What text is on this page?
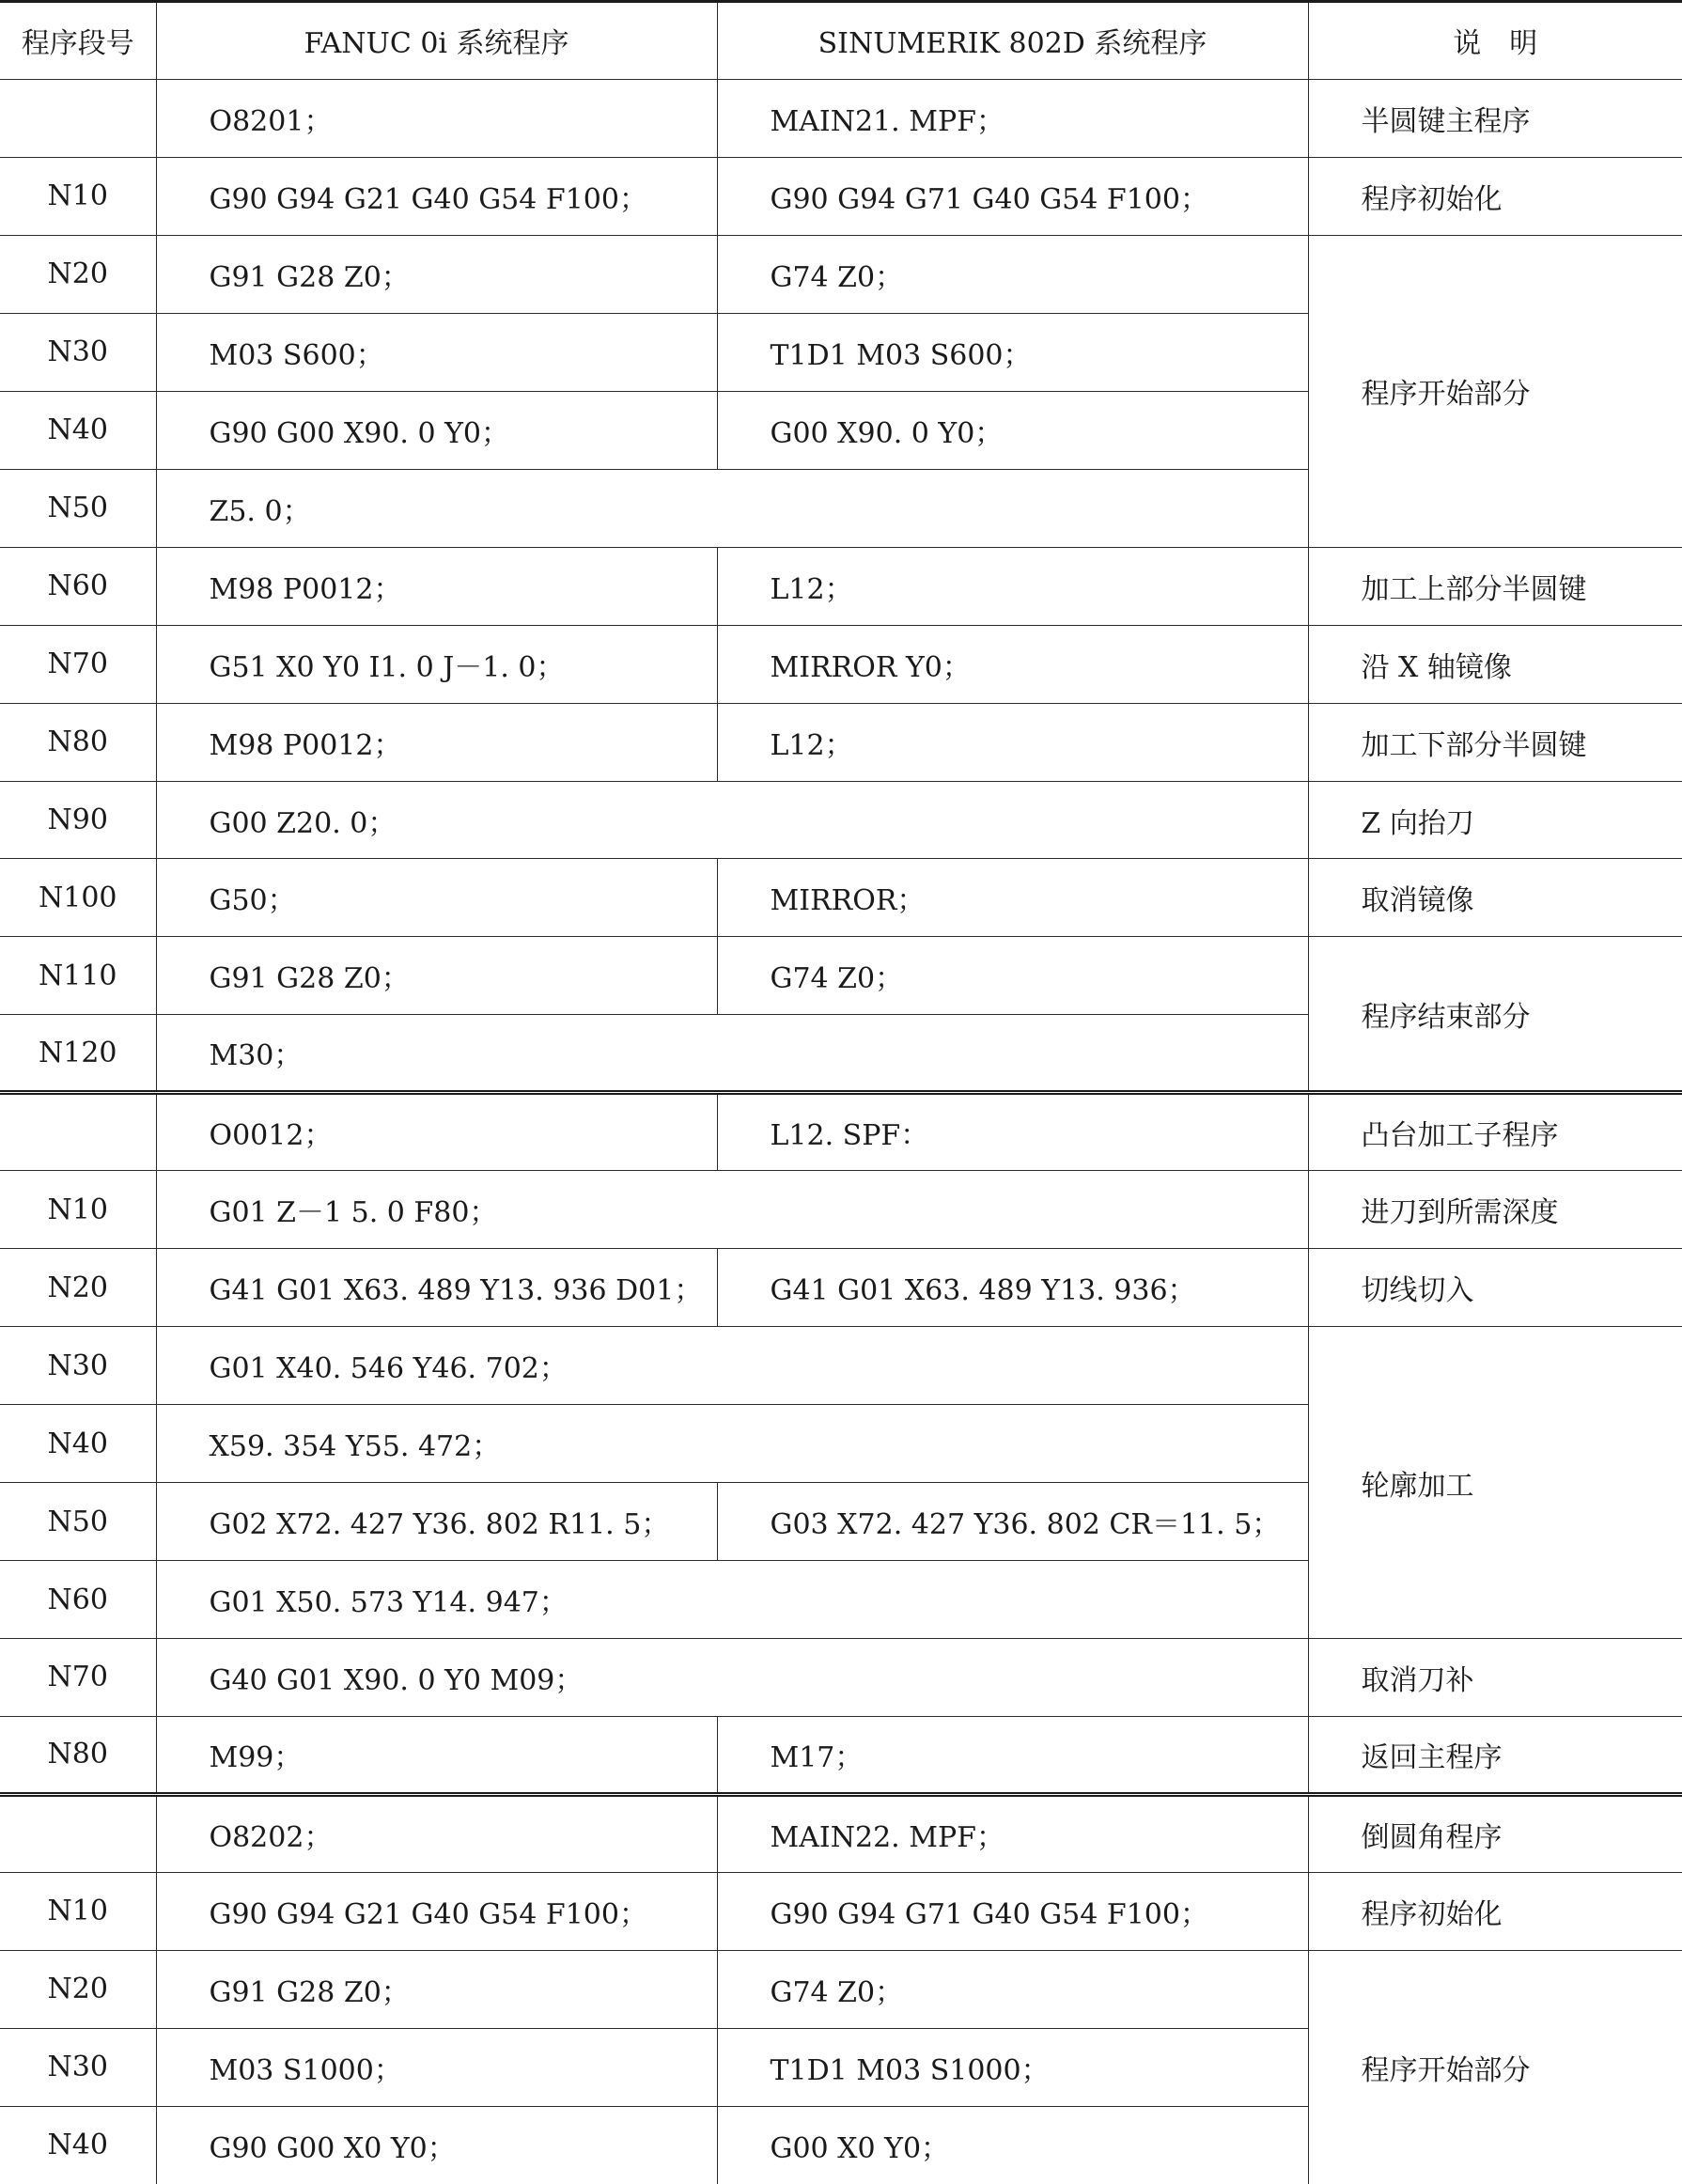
程序段号	FANUC 0i 系统程序	SINUMERIK 802D 系统程序	说　明
	O8201；	MAIN21. MPF；	半圆键主程序
N10	G90 G94 G21 G40 G54 F100；	G90 G94 G71 G40 G54 F100；	程序初始化
N20	G91 G28 Z0；	G74 Z0；	程序开始部分
N30	M03 S600；	T1D1 M03 S600；	
N40	G90 G00 X90. 0 Y0；	G00 X90. 0 Y0；	
N50	Z5. 0；		
N60	M98 P0012；	L12；	加工上部分半圆键
N70	G51 X0 Y0 I1. 0 J－1. 0；	MIRROR Y0；	沿 X 轴镜像
N80	M98 P0012；	L12；	加工下部分半圆键
N90	G00 Z20. 0；		Z 向抬刀
N100	G50；	MIRROR；	取消镜像
N110	G91 G28 Z0；	G74 Z0；	程序结束部分
N120	M30；		
	O0012；	L12. SPF：	凸台加工子程序
N10	G01 Z－1 5. 0 F80；		进刀到所需深度
N20	G41 G01 X63. 489 Y13. 936 D01；	G41 G01 X63. 489 Y13. 936；	切线切入
N30	G01 X40. 546 Y46. 702；		轮廓加工
N40	X59. 354 Y55. 472；		
N50	G02 X72. 427 Y36. 802 R11. 5；	G03 X72. 427 Y36. 802 CR＝11. 5；	
N60	G01 X50. 573 Y14. 947；		
N70	G40 G01 X90. 0 Y0 M09；		取消刀补
N80	M99；	M17；	返回主程序
	O8202；	MAIN22. MPF；	倒圆角程序
N10	G90 G94 G21 G40 G54 F100；	G90 G94 G71 G40 G54 F100；	程序初始化
N20	G91 G28 Z0；	G74 Z0；	程序开始部分
N30	M03 S1000；	T1D1 M03 S1000；	
N40	G90 G00 X0 Y0；	G00 X0 Y0；	
